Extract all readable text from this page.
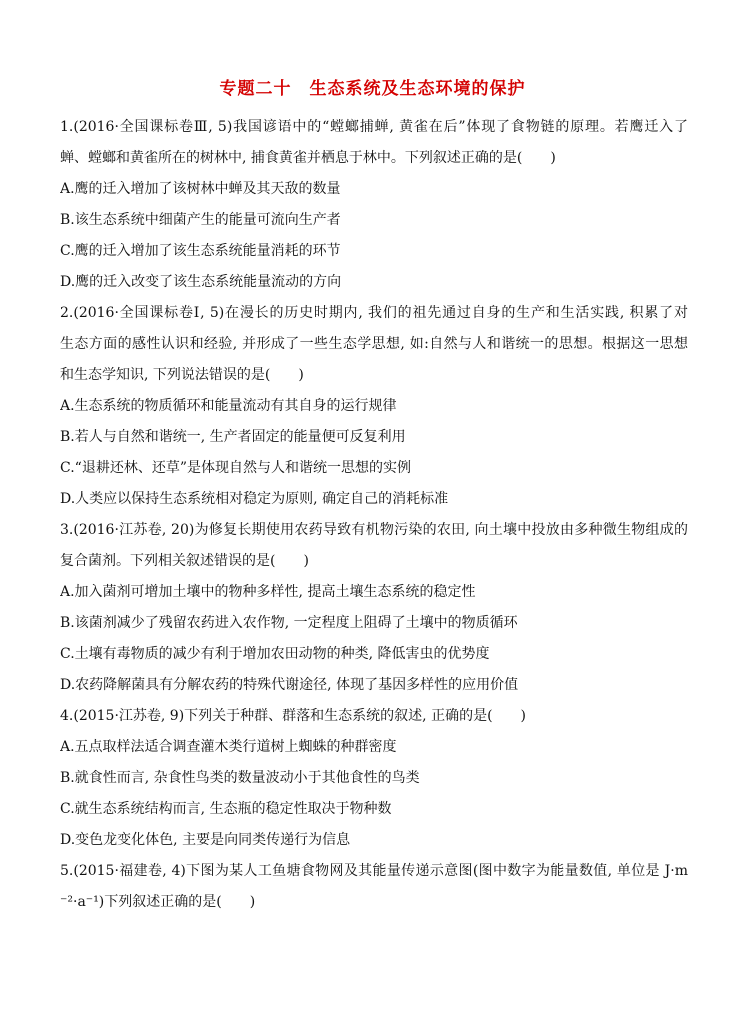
专题二十 生态系统及生态环境的保护
1.(2016·全国课标卷Ⅲ, 5)我国谚语中的“螳螂捕蝉, 黄雀在后”体现了食物链的原理。若鹰迁入了
蝉、螳螂和黄雀所在的树林中, 捕食黄雀并栖息于林中。下列叙述正确的是(　　)
A.鹰的迁入增加了该树林中蝉及其天敌的数量
B.该生态系统中细菌产生的能量可流向生产者
C.鹰的迁入增加了该生态系统能量消耗的环节
D.鹰的迁入改变了该生态系统能量流动的方向
2.(2016·全国课标卷Ⅰ, 5)在漫长的历史时期内, 我们的祖先通过自身的生产和生活实践, 积累了对
生态方面的感性认识和经验, 并形成了一些生态学思想, 如:自然与人和谐统一的思想。根据这一思想
和生态学知识, 下列说法错误的是(　　)
A.生态系统的物质循环和能量流动有其自身的运行规律
B.若人与自然和谐统一, 生产者固定的能量便可反复利用
C.“退耕还林、还草”是体现自然与人和谐统一思想的实例
D.人类应以保持生态系统相对稳定为原则, 确定自己的消耗标准
3.(2016·江苏卷, 20)为修复长期使用农药导致有机物污染的农田, 向土壤中投放由多种微生物组成的
复合菌剂。下列相关叙述错误的是(　　)
A.加入菌剂可增加土壤中的物种多样性, 提高土壤生态系统的稳定性
B.该菌剂减少了残留农药进入农作物, 一定程度上阻碍了土壤中的物质循环
C.土壤有毒物质的减少有利于增加农田动物的种类, 降低害虫的优势度
D.农药降解菌具有分解农药的特殊代谢途径, 体现了基因多样性的应用价值
4.(2015·江苏卷, 9)下列关于种群、群落和生态系统的叙述, 正确的是(　　)
A.五点取样法适合调查灌木类行道树上蜘蛛的种群密度
B.就食性而言, 杂食性鸟类的数量波动小于其他食性的鸟类
C.就生态系统结构而言, 生态瓶的稳定性取决于物种数
D.变色龙变化体色, 主要是向同类传递行为信息
5.(2015·福建卷, 4)下图为某人工鱼塘食物网及其能量传递示意图(图中数字为能量数值, 单位是 J·m
⁻²·a⁻¹)下列叙述正确的是(　　)
